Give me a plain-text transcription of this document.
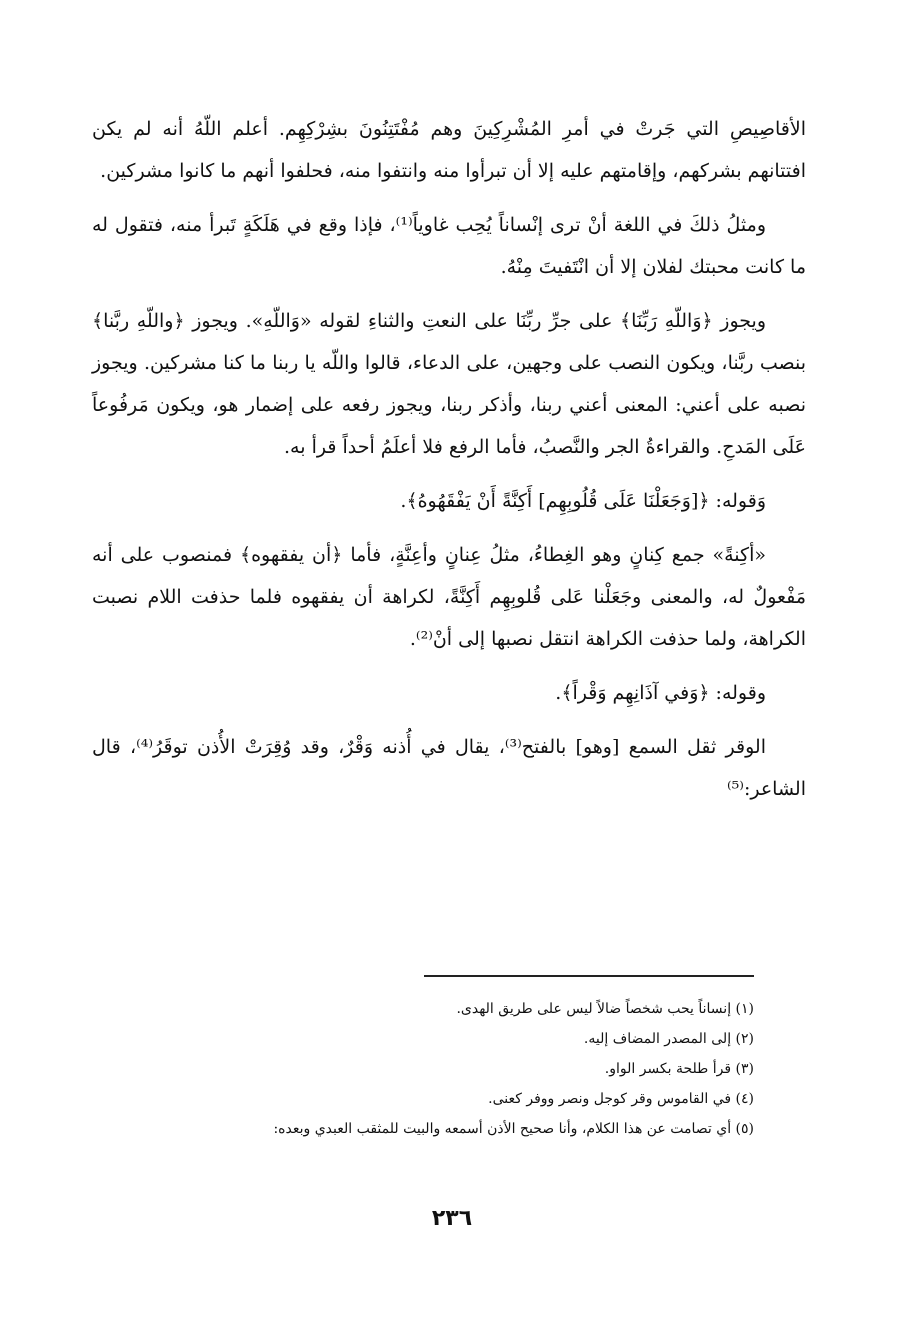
الأقاصِيصِ التي جَرتْ في أمرِ المُشْرِكِينَ وهم مُفْتَتِنُونَ بشِرْكِهِم. أعلم اللّهُ أنه لم يكن افتتانهم بشركهم، وإقامتهم عليه إلا أن تبرأوا منه وانتفوا منه، فحلفوا أنهم ما كانوا مشركين.

ومثلُ ذلكَ في اللغة أنْ ترى إنْساناً يُحِب غاوياً⁽¹⁾، فإذا وقع في هَلَكَةٍ تَبرأ منه، فتقول له ما كانت محبتك لفلان إلا أن انْتَفيتَ مِنْهُ.

ويجوز ﴿وَاللّهِ رَبِّنَا﴾ على جرِّ ربِّنَا على النعتِ والثناءِ لقوله «وَاللّهِ». ويجوز ﴿واللّهِ ربَّنا﴾ بنصب ربَّنا، ويكون النصب على وجهين، على الدعاء، قالوا واللّه يا ربنا ما كنا مشركين. ويجوز نصبه على أعني: المعنى أعني ربنا، وأذكر ربنا، ويجوز رفعه على إضمار هو، ويكون مَرفُوعاً عَلَى المَدحِ. والقراءةُ الجر والنَّصبُ، فأما الرفع فلا أعلَمُ أحداً قرأ به.

وَقوله: ﴿[وَجَعَلْنَا عَلَى قُلُوبِهِم] أَكِنَّةً أَنْ يَفْقَهُوهُ﴾.

«أكِنةً» جمع كِنانٍ وهو الغِطاءُ، مثلُ عِنانٍ وأعِنَّةٍ، فأما ﴿أن يفقهوه﴾ فمنصوب على أنه مَفْعولٌ له، والمعنى وجَعَلْنا عَلى قُلوبِهِم أَكِنَّةً، لكراهة أن يفقهوه فلما حذفت اللام نصبت الكراهة، ولما حذفت الكراهة انتقل نصبها إلى أنْ⁽²⁾.

وقوله: ﴿وَفي آذَانِهِم وَقْراً﴾.

الوقر ثقل السمع [وهو] بالفتح⁽³⁾، يقال في أُذنه وَقْرٌ، وقد وُقِرَتْ الأُذن توقَرُ⁽⁴⁾، قال الشاعر:⁽⁵⁾

(١) إنساناً يحب شخصاً ضالاً ليس على طريق الهدى.
(٢) إلى المصدر المضاف إليه.
(٣) قرأ طلحة بكسر الواو.
(٤) في القاموس وقر كوجل ونصر ووفر كعنى.
(٥) أي تصامت عن هذا الكلام، وأنا صحيح الأذن أسمعه والبيت للمثقب العبدي وبعده:
٢٣٦
